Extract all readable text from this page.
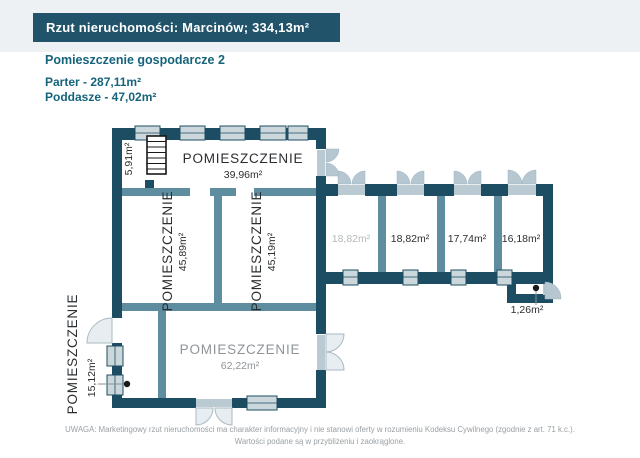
Rzut nieruchomości: Marcinów; 334,13m²

Pomieszczenie gospodarcze 2

Parter - 287,11m²

Poddasze - 47,02m²

5,91m²	POMIESZCZENIE
39,96m²
POMIESZCZENIE 45,89m²	POMIESZCZENIE 45,19m²
POMIESZCZENIE 15,12m²
POMIESZCZENIE
62,22m²
18,82m² 18,82m² 17,74m² 16,18m²
1,26m²
UWAGA: Marketingowy rzut nieruchomości ma charakter informacyjny i nie stanowi oferty w rozumieniu Kodeksu Cywilnego (zgodnie z art. 71 k.c.).
Wartości podane są w przybliżeniu i zaokrąglone.
